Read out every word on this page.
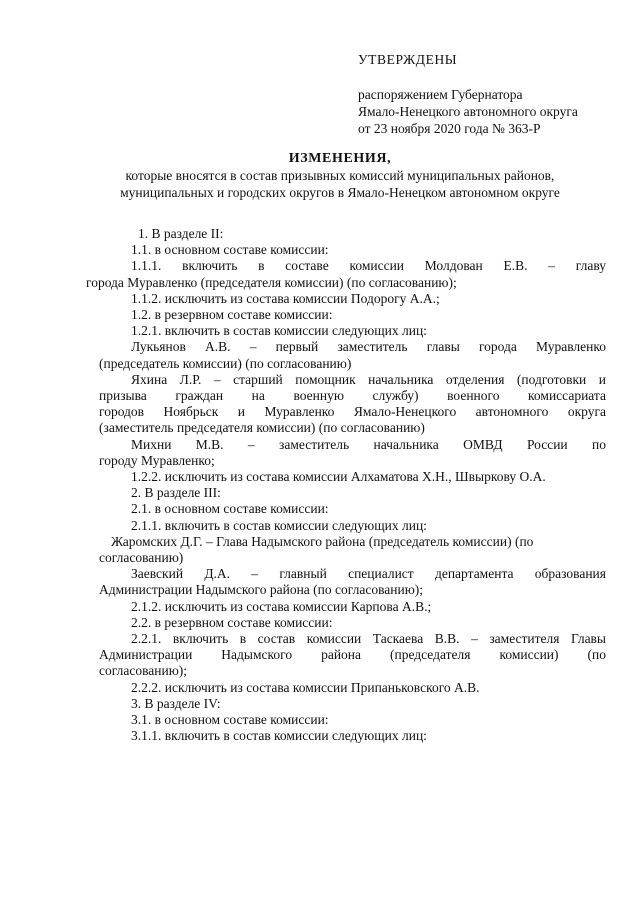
УТВЕРЖДЕНЫ
распоряжением Губернатора
Ямало-Ненецкого автономного округа
от 23 ноября 2020 года № 363-Р
ИЗМЕНЕНИЯ,
которые вносятся в состав призывных комиссий муниципальных районов,
муниципальных и городских округов в Ямало-Ненецком автономном округе

1. В разделе II:

1.1. в основном составе комиссии:

1.1.1. включить в составе комиссии Молдован Е.В. – главу

города Муравленко (председателя комиссии) (по согласованию);

1.1.2. исключить из состава комиссии Подорогу А.А.;

1.2. в резервном составе комиссии:

1.2.1. включить в состав комиссии следующих лиц:

Лукьянов А.В. – первый заместитель главы города Муравленко

(председатель комиссии) (по согласованию)

Яхина Л.Р. – старший помощник начальника отделения (подготовки и

призыва граждан на военную службу) военного комиссариата

городов Ноябрьск и Муравленко Ямало-Ненецкого автономного округа

(заместитель председателя комиссии) (по согласованию)

Михни М.В. – заместитель начальника ОМВД России по

городу Муравленко;

1.2.2. исключить из состава комиссии Алхаматова Х.Н., Швыркову О.А.

2. В разделе III:

2.1. в основном составе комиссии:

2.1.1. включить в состав комиссии следующих лиц:

Жаромских Д.Г. – Глава Надымского района (председатель комиссии) (по

согласованию)

Заевский Д.А. – главный специалист департамента образования

Администрации Надымского района (по согласованию);

2.1.2. исключить из состава комиссии Карпова А.В.;

2.2. в резервном составе комиссии:

2.2.1. включить в состав комиссии Таскаева В.В. – заместителя Главы

Администрации Надымского района (председателя комиссии) (по

согласованию);

2.2.2. исключить из состава комиссии Припаньковского А.В.

3. В разделе IV:

3.1. в основном составе комиссии:

3.1.1. включить в состав комиссии следующих лиц:
